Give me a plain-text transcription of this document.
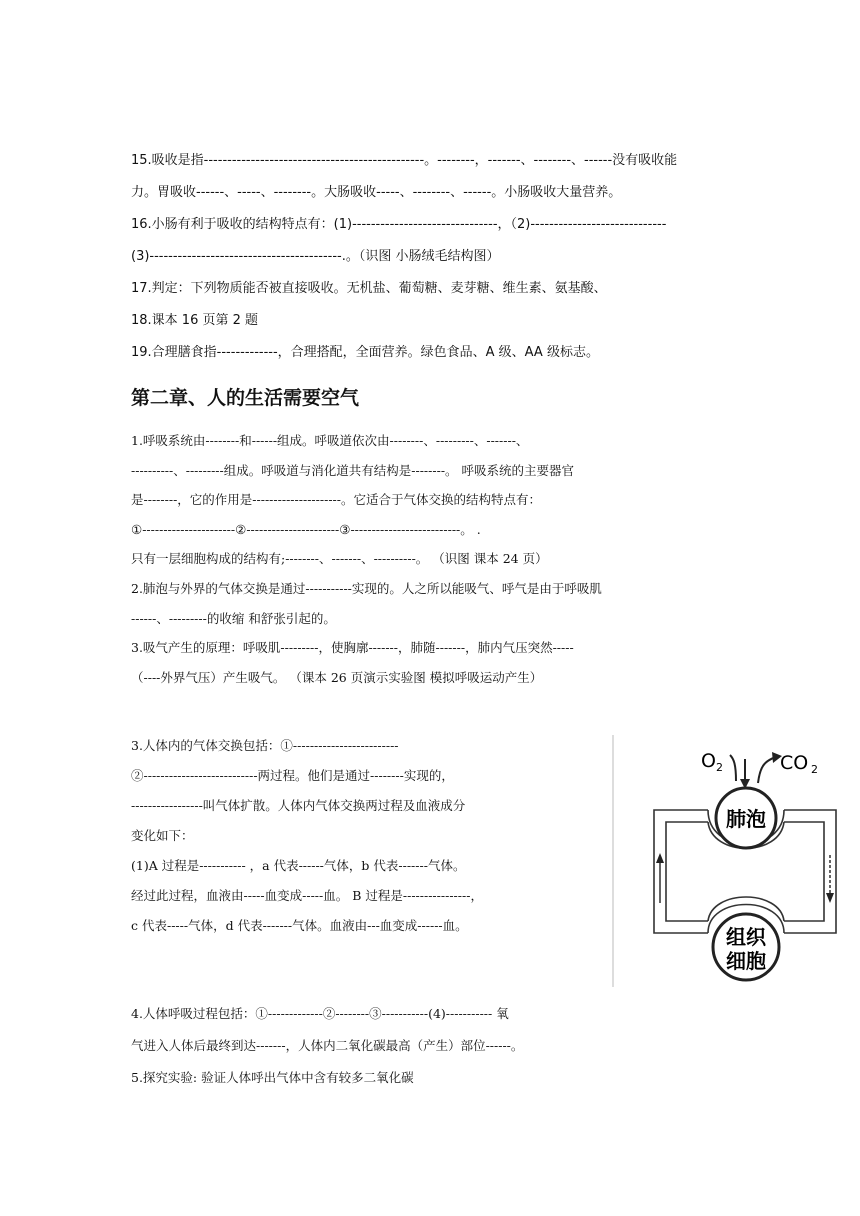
15.吸收是指-----------------------------------------------。--------，-------、--------、------没有吸收能

力。胃吸收------、-----、--------。大肠吸收-----、--------、------。小肠吸收大量营养。

16.小肠有利于吸收的结构特点有：(1)-------------------------------，（2)-----------------------------

(3)-----------------------------------------.。（识图 小肠绒毛结构图）

17.判定：下列物质能否被直接吸收。无机盐、葡萄糖、麦芽糖、维生素、氨基酸、

18.课本 16 页第 2 题

19.合理膳食指-------------，合理搭配，全面营养。绿色食品、A 级、AA 级标志。

第二章、人的生活需要空气

1.呼吸系统由--------和------组成。呼吸道依次由--------、---------、-------、

----------、---------组成。呼吸道与消化道共有结构是--------。 呼吸系统的主要器官

是--------，它的作用是---------------------。它适合于气体交换的结构特点有：

①----------------------②----------------------③--------------------------。 .

只有一层细胞构成的结构有;--------、-------、----------。 （识图 课本 24 页）

2.肺泡与外界的气体交换是通过-----------实现的。人之所以能吸气、呼气是由于呼吸肌

------、---------的收缩 和舒张引起的。

3.吸气产生的原理：呼吸肌---------，使胸廓-------，肺随-------，肺内气压突然-----

（----外界气压）产生吸气。 （课本 26 页演示实验图 模拟呼吸运动产生）

3.人体内的气体交换包括：①-------------------------

②---------------------------两过程。他们是通过--------实现的，

-----------------叫气体扩散。人体内气体交换两过程及血液成分

变化如下：

(1)A 过程是----------- ，a 代表------气体，b 代表-------气体。

经过此过程，血液由-----血变成-----血。 B 过程是----------------，

c 代表-----气体，d 代表-------气体。血液由---血变成------血。

O 2	CO 2
肺泡
组织
细胞

4.人体呼吸过程包括：①-------------②--------③-----------(4)----------- 氧

气进入人体后最终到达-------，人体内二氧化碳最高（产生）部位------。

5.探究实验: 验证人体呼出气体中含有较多二氧化碳
